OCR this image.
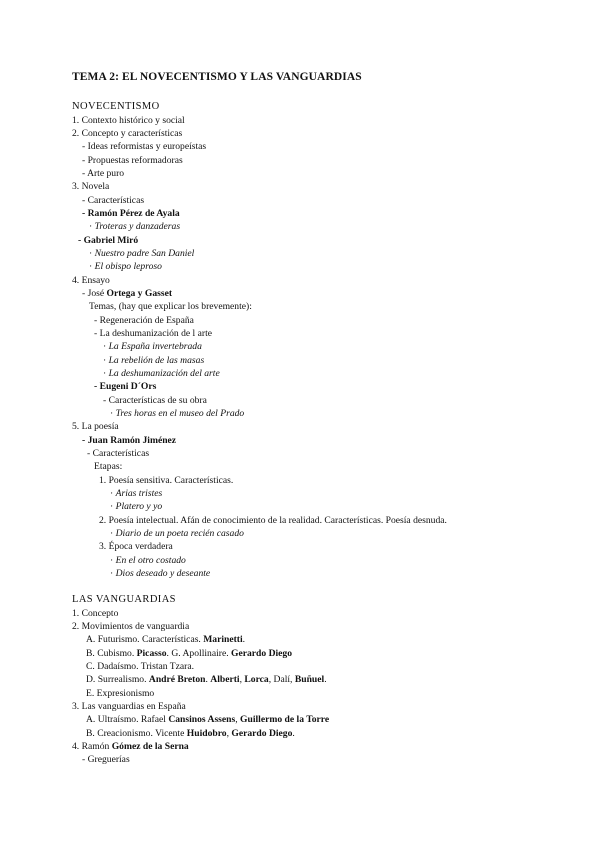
TEMA 2: EL NOVECENTISMO Y LAS VANGUARDIAS
NOVECENTISMO
1. Contexto histórico y social
2. Concepto y características
- Ideas reformistas y europeístas
- Propuestas reformadoras
- Arte puro
3. Novela
- Características
- Ramón Pérez de Ayala
· Troteras y danzaderas
- Gabriel Miró
· Nuestro padre San Daniel
· El obispo leproso
4. Ensayo
- José Ortega y Gasset
Temas, (hay que explicar los brevemente):
- Regeneración de España
- La deshumanización de l arte
· La España invertebrada
· La rebelión de las masas
· La deshumanización del arte
- Eugeni D´Ors
- Características de su obra
· Tres horas en el museo del Prado
5. La poesía
- Juan Ramón Jiménez
- Características
Etapas:
1. Poesía sensitiva. Características.
· Arias tristes
· Platero y yo
2. Poesía intelectual. Afán de conocimiento de la realidad. Características. Poesía desnuda.
· Diario de un poeta recién casado
3. Época verdadera
· En el otro costado
· Dios deseado y deseante
LAS VANGUARDIAS
1. Concepto
2. Movimientos de vanguardia
A. Futurismo. Características. Marinetti.
B. Cubismo. Picasso. G. Apollinaire. Gerardo Diego
C. Dadaísmo. Tristan Tzara.
D. Surrealismo. André Breton. Alberti, Lorca, Dalí, Buñuel.
E. Expresionismo
3. Las vanguardias en España
A. Ultraísmo. Rafael Cansinos Assens, Guillermo de la Torre
B. Creacionismo. Vicente Huidobro, Gerardo Diego.
4. Ramón Gómez de la Serna
- Greguerías
